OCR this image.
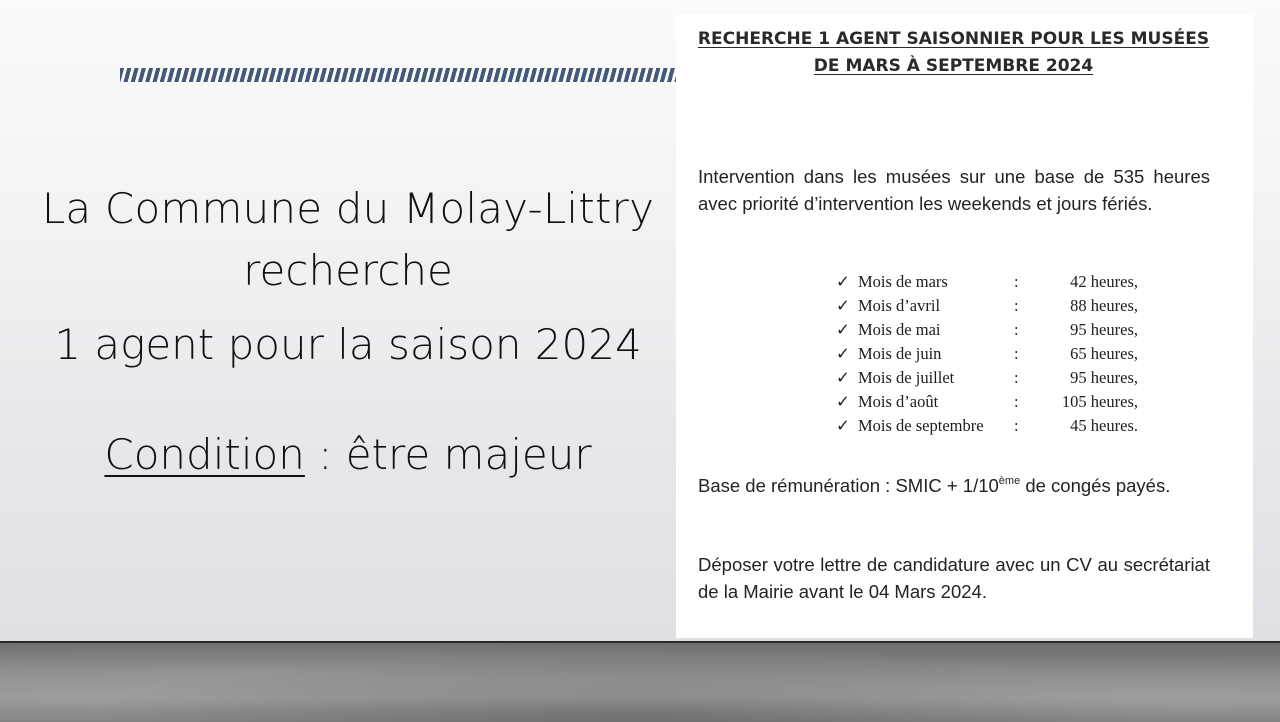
La Commune du Molay-Littry
recherche
1 agent pour la saison 2024
Condition : être majeur
RECHERCHE 1 AGENT SAISONNIER POUR LES MUSÉES
DE MARS À SEPTEMBRE 2024
Intervention dans les musées sur une base de 535 heures avec priorité d’intervention les weekends et jours fériés.
✓ Mois de mars	:	42 heures,
✓ Mois d’avril	:	88 heures,
✓ Mois de mai	:	95 heures,
✓ Mois de juin	:	65 heures,
✓ Mois de juillet	:	95 heures,
✓ Mois d’août	:	105 heures,
✓ Mois de septembre :	45 heures.
Base de rémunération : SMIC + 1/10ème de congés payés.
Déposer votre lettre de candidature avec un CV au secrétariat de la Mairie avant le 04 Mars 2024.
